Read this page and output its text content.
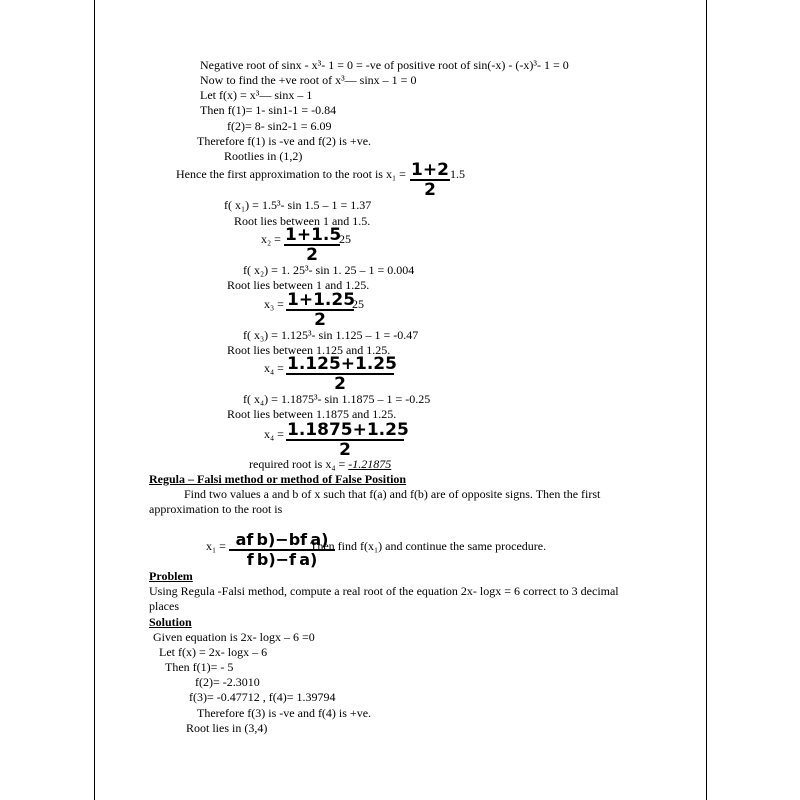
Negative root of sinx - x³- 1 = 0 = -ve of positive root of sin(-x) - (-x)³- 1 = 0
Now to find the +ve root of x³— sinx – 1 = 0
Let f(x) = x³— sinx – 1
Then f(1)= 1- sin1-1 = -0.84
f(2)= 8- sin2-1 = 6.09
Therefore f(1) is -ve and f(2) is +ve.
Rootlies in (1,2)
Hence the first approximation to the root is $x_1 = \frac{1+2}{2} 1.5$
f( x₁) = 1.5³- sin 1.5 – 1 = 1.37
Root lies between 1 and 1.5.
$x_2 = \frac{1+1.5}{2} 25$
f( x₂) = 1. 25³- sin 1. 25 – 1 = 0.004
Root lies between 1 and 1.25.
$x_3 = \frac{1+1.25}{2}$
25
f( x₃) = 1.125³- sin 1.125 – 1 = -0.47
Root lies between 1.125 and 1.25.
$x_4 = \frac{1.125+1.25}{2}$
f( x₄) = 1.1875³- sin 1.1875 – 1 = -0.25
Root lies between 1.1875 and 1.25.
$x_4 = \frac{1.1875+1.25}{2}$
required root is x₄ = -1.21875
Regula – Falsi method or method of False Position
Find two values a and b of x such that f(a) and f(b) are of opposite signs. Then the first
approximation to the root is
$x_1 = \frac{\text{af b)−bf a)}}{\text{f b)−f a)}}$
Then find f(x₁) and continue the same procedure.
Problem
Using Regula -Falsi method, compute a real root of the equation 2x- logx = 6 correct to 3 decimal
places
Solution
Given equation is 2x- logx – 6 =0
Let f(x) = 2x- logx – 6
Then f(1)= - 5
f(2)= -2.3010
f(3)= -0.47712 , f(4)= 1.39794
Therefore f(3) is -ve and f(4) is +ve.
Root lies in (3,4)
